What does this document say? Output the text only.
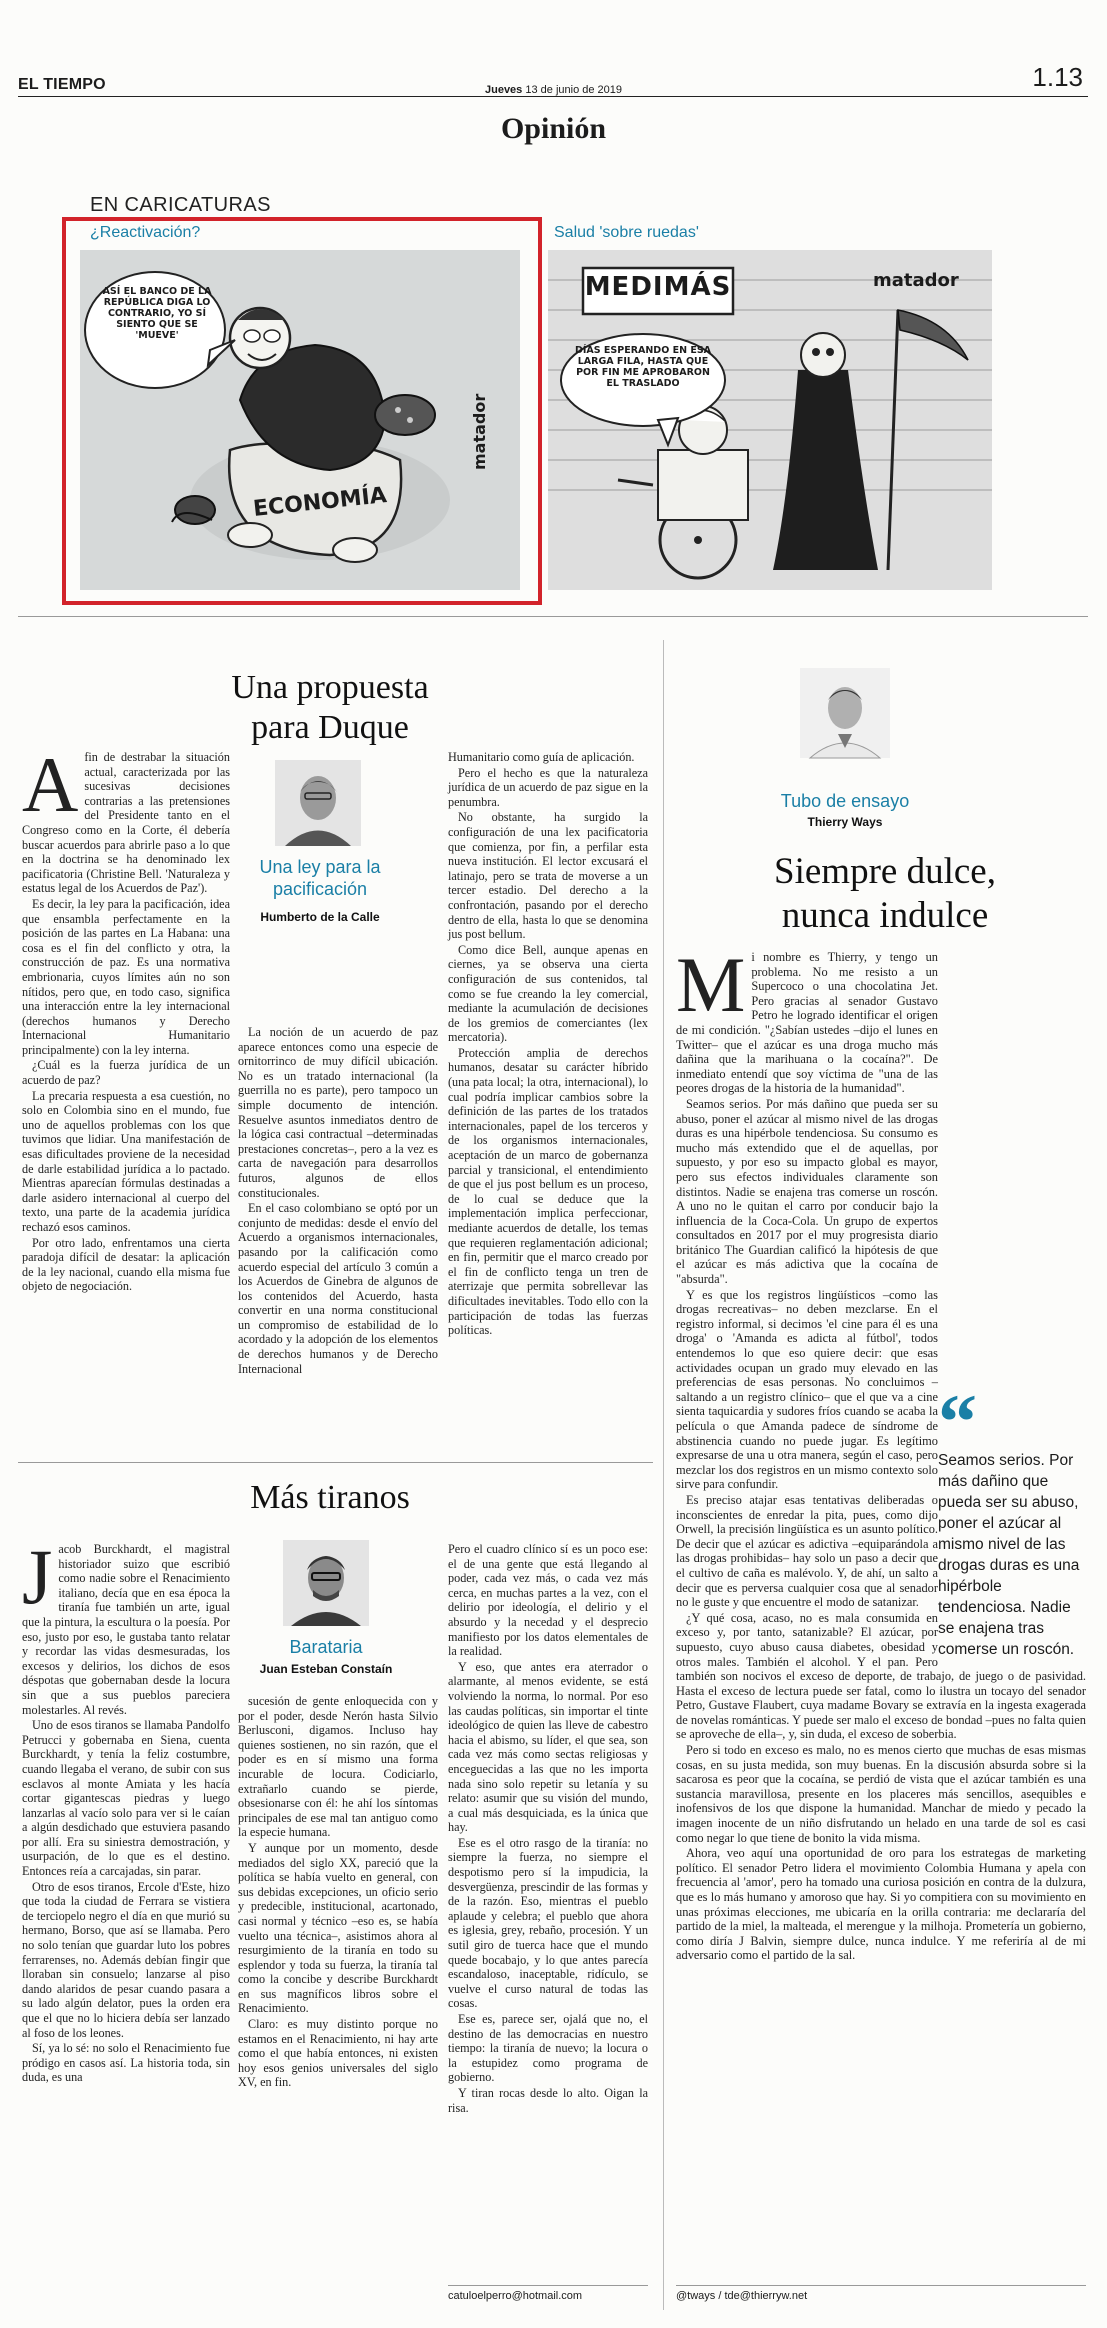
EL TIEMPO	Jueves 13 de junio de 2019	1.13
Opinión
EN CARICATURAS
¿Reactivación?
ASÍ EL BANCO DE LA REPÚBLICA DIGA LO CONTRARIO, YO SÍ SIENTO QUE SE 'MUEVE'
ECONOMÍA
matador
Salud 'sobre ruedas'
MEDIMÁS
DÍAS ESPERANDO EN ESA LARGA FILA, HASTA QUE POR FIN ME APROBARON EL TRASLADO
matador
Una propuesta
para Duque
Una ley para la
pacificación
Humberto de la Calle
A fin de destrabar la situación actual, caracterizada por las sucesivas decisiones contrarias a las pretensiones del Presidente tanto en el Congreso como en la Corte, él debería buscar acuerdos para abrirle paso a lo que en la doctrina se ha denominado lex pacificatoria (Christine Bell. 'Naturaleza y estatus legal de los Acuerdos de Paz').

Es decir, la ley para la pacificación, idea que ensambla perfectamente en la posición de las partes en La Habana: una cosa es el fin del conflicto y otra, la construcción de paz. Es una normativa embrionaria, cuyos límites aún no son nítidos, pero que, en todo caso, significa una interacción entre la ley internacional (derechos humanos y Derecho Internacional Humanitario principalmente) con la ley interna.

¿Cuál es la fuerza jurídica de un acuerdo de paz?

La precaria respuesta a esa cuestión, no solo en Colombia sino en el mundo, fue uno de aquellos problemas con los que tuvimos que lidiar. Una manifestación de esas dificultades proviene de la necesidad de darle estabilidad jurídica a lo pactado. Mientras aparecían fórmulas destinadas a darle asidero internacional al cuerpo del texto, una parte de la academia jurídica rechazó esos caminos.

Por otro lado, enfrentamos una cierta paradoja difícil de desatar: la aplicación de la ley nacional, cuando ella misma fue objeto de negociación.

La noción de un acuerdo de paz aparece entonces como una especie de ornitorrinco de muy difícil ubicación. No es un tratado internacional (la guerrilla no es parte), pero tampoco un simple documento de intención. Resuelve asuntos inmediatos dentro de la lógica casi contractual –determinadas prestaciones concretas–, pero a la vez es carta de navegación para desarrollos futuros, algunos de ellos constitucionales.

En el caso colombiano se optó por un conjunto de medidas: desde el envío del Acuerdo a organismos internacionales, pasando por la calificación como acuerdo especial del artículo 3 común a los Acuerdos de Ginebra de algunos de los contenidos del Acuerdo, hasta convertir en una norma constitucional un compromiso de estabilidad de lo acordado y la adopción de los elementos de derechos humanos y de Derecho Internacional

Humanitario como guía de aplicación.

Pero el hecho es que la naturaleza jurídica de un acuerdo de paz sigue en la penumbra.

No obstante, ha surgido la configuración de una lex pacificatoria que comienza, por fin, a perfilar esta nueva institución. El lector excusará el latinajo, pero se trata de moverse a un tercer estadio. Del derecho a la confrontación, pasando por el derecho dentro de ella, hasta lo que se denomina jus post bellum.

Como dice Bell, aunque apenas en ciernes, ya se observa una cierta configuración de sus contenidos, tal como se fue creando la ley comercial, mediante la acumulación de decisiones de los gremios de comerciantes (lex mercatoria).

Protección amplia de derechos humanos, desatar su carácter híbrido (una pata local; la otra, internacional), lo cual podría implicar cambios sobre la definición de las partes de los tratados internacionales, papel de los terceros y de los organismos internacionales, aceptación de un marco de gobernanza parcial y transicional, el entendimiento de que el jus post bellum es un proceso, de lo cual se deduce que la implementación implica perfeccionar, mediante acuerdos de detalle, los temas que requieren reglamentación adicional; en fin, permitir que el marco creado por el fin de conflicto tenga un tren de aterrizaje que permita sobrellevar las dificultades inevitables. Todo ello con la participación de todas las fuerzas políticas.

Más tiranos
Barataria
Juan Esteban Constaín
J acob Burckhardt, el magistral historiador suizo que escribió como nadie sobre el Renacimiento italiano, decía que en esa época la tiranía fue también un arte, igual que la pintura, la escultura o la poesía. Por eso, justo por eso, le gustaba tanto relatar y recordar las vidas desmesuradas, los excesos y delirios, los dichos de esos déspotas que gobernaban desde la locura sin que a sus pueblos pareciera molestarles. Al revés.

Uno de esos tiranos se llamaba Pandolfo Petrucci y gobernaba en Siena, cuenta Burckhardt, y tenía la feliz costumbre, cuando llegaba el verano, de subir con sus esclavos al monte Amiata y les hacía cortar gigantescas piedras y luego lanzarlas al vacío solo para ver si le caían a algún desdichado que estuviera pasando por allí. Era su siniestra demostración, y usurpación, de lo que es el destino. Entonces reía a carcajadas, sin parar.

Otro de esos tiranos, Ercole d'Este, hizo que toda la ciudad de Ferrara se vistiera de terciopelo negro el día en que murió su hermano, Borso, que así se llamaba. Pero no solo tenían que guardar luto los pobres ferrarenses, no. Además debían fingir que lloraban sin consuelo; lanzarse al piso dando alaridos de pesar cuando pasara a su lado algún delator, pues la orden era que el que no lo hiciera debía ser lanzado al foso de los leones.

Sí, ya lo sé: no solo el Renacimiento fue pródigo en casos así. La historia toda, sin duda, es una

sucesión de gente enloquecida con y por el poder, desde Nerón hasta Silvio Berlusconi, digamos. Incluso hay quienes sostienen, no sin razón, que el poder es en sí mismo una forma incurable de locura. Codiciarlo, extrañarlo cuando se pierde, obsesionarse con él: he ahí los síntomas principales de ese mal tan antiguo como la especie humana.

Y aunque por un momento, desde mediados del siglo XX, pareció que la política se había vuelto en general, con sus debidas excepciones, un oficio serio y predecible, institucional, acartonado, casi normal y técnico –eso es, se había vuelto una técnica–, asistimos ahora al resurgimiento de la tiranía en todo su esplendor y toda su fuerza, la tiranía tal como la concibe y describe Burckhardt en sus magníficos libros sobre el Renacimiento.

Claro: es muy distinto porque no estamos en el Renacimiento, ni hay arte como el que había entonces, ni existen hoy esos genios universales del siglo XV, en fin.

Pero el cuadro clínico sí es un poco ese: el de una gente que está llegando al poder, cada vez más, o cada vez más cerca, en muchas partes a la vez, con el delirio por ideología, el delirio y el absurdo y la necedad y el desprecio manifiesto por los datos elementales de la realidad.

Y eso, que antes era aterrador o alarmante, al menos evidente, se está volviendo la norma, lo normal. Por eso las caudas políticas, sin importar el tinte ideológico de quien las lleve de cabestro hacia el abismo, su líder, el que sea, son cada vez más como sectas religiosas y enceguecidas a las que no les importa nada sino solo repetir su letanía y su relato: asumir que su visión del mundo, a cual más desquiciada, es la única que hay.

Ese es el otro rasgo de la tiranía: no siempre la fuerza, no siempre el despotismo pero sí la impudicia, la desvergüenza, prescindir de las formas y de la razón. Eso, mientras el pueblo aplaude y celebra; el pueblo que ahora es iglesia, grey, rebaño, procesión. Y un sutil giro de tuerca hace que el mundo quede bocabajo, y lo que antes parecía escandaloso, inaceptable, ridículo, se vuelve el curso natural de todas las cosas.

Ese es, parece ser, ojalá que no, el destino de las democracias en nuestro tiempo: la tiranía de nuevo; la locura o la estupidez como programa de gobierno.

Y tiran rocas desde lo alto. Oigan la risa.

catuloelperro@hotmail.com
Tubo de ensayo
Thierry Ways
Siempre dulce,
nunca indulce
M i nombre es Thierry, y tengo un problema. No me resisto a un Supercoco o una chocolatina Jet. Pero gracias al senador Gustavo Petro he logrado identificar el origen de mi condición. "¿Sabían ustedes –dijo el lunes en Twitter– que el azúcar es una droga mucho más dañina que la marihuana o la cocaína?". De inmediato entendí que soy víctima de "una de las peores drogas de la historia de la humanidad".

Seamos serios. Por más dañino que pueda ser su abuso, poner el azúcar al mismo nivel de las drogas duras es una hipérbole tendenciosa. Su consumo es mucho más extendido que el de aquellas, por supuesto, y por eso su impacto global es mayor, pero sus efectos individuales claramente son distintos. Nadie se enajena tras comerse un roscón. A uno no le quitan el carro por conducir bajo la influencia de la Coca-Cola. Un grupo de expertos consultados en 2017 por el muy progresista diario británico The Guardian calificó la hipótesis de que el azúcar es más adictiva que la cocaína de "absurda".

Y es que los registros lingüísticos –como las drogas recreativas– no deben mezclarse. En el registro informal, si decimos 'el cine para él es una droga' o 'Amanda es adicta al fútbol', todos entendemos lo que eso quiere decir: que esas actividades ocupan un grado muy elevado en las preferencias de esas personas. No concluimos –saltando a un registro clínico– que el que va a cine sienta taquicardia y sudores fríos cuando se acaba la película o que Amanda padece de síndrome de abstinencia cuando no puede jugar. Es legítimo expresarse de una u otra manera, según el caso, pero mezclar los dos registros en un mismo contexto solo sirve para confundir.

Es preciso atajar esas tentativas deliberadas o inconscientes de enredar la pita, pues, como dijo Orwell, la precisión lingüística es un asunto político. De decir que el azúcar es adictiva –equiparándola a las drogas prohibidas– hay solo un paso a decir que el cultivo de caña es malévolo. Y, de ahí, un salto a decir que es perversa cualquier cosa que al senador no le guste y que encuentre el modo de satanizar.

¿Y qué cosa, acaso, no es mala consumida en exceso y, por tanto, satanizable? El azúcar, por supuesto, cuyo abuso causa diabetes, obesidad y otros males. También el alcohol. Y el pan. Pero también son nocivos el exceso de deporte, de trabajo, de juego o de pasividad. Hasta el exceso de lectura puede ser fatal, como lo ilustra un tocayo del senador Petro, Gustave Flaubert, cuya madame Bovary se extravía en la ingesta exagerada de novelas románticas. Y puede ser malo el exceso de bondad –pues no falta quien se aproveche de ella–, y, sin duda, el exceso de soberbia.

Pero si todo en exceso es malo, no es menos cierto que muchas de esas mismas cosas, en su justa medida, son muy buenas. En la discusión absurda sobre si la sacarosa es peor que la cocaína, se perdió de vista que el azúcar también es una sustancia maravillosa, presente en los placeres más sencillos, asequibles e inofensivos de los que dispone la humanidad. Manchar de miedo y pecado la imagen inocente de un niño disfrutando un helado en una tarde de sol es casi como negar lo que tiene de bonito la vida misma.

Ahora, veo aquí una oportunidad de oro para los estrategas de marketing político. El senador Petro lidera el movimiento Colombia Humana y apela con frecuencia al 'amor', pero ha tomado una curiosa posición en contra de la dulzura, que es lo más humano y amoroso que hay. Si yo compitiera con su movimiento en unas próximas elecciones, me ubicaría en la orilla contraria: me declararía del partido de la miel, la malteada, el merengue y la milhoja. Prometería un gobierno, como diría J Balvin, siempre dulce, nunca indulce. Y me referiría al de mi adversario como el partido de la sal.

“
Seamos serios. Por más dañino que pueda ser su abuso, poner el azúcar al mismo nivel de las drogas duras es una hipérbole tendenciosa. Nadie se enajena tras comerse un roscón.
@tways / tde@thierryw.net
